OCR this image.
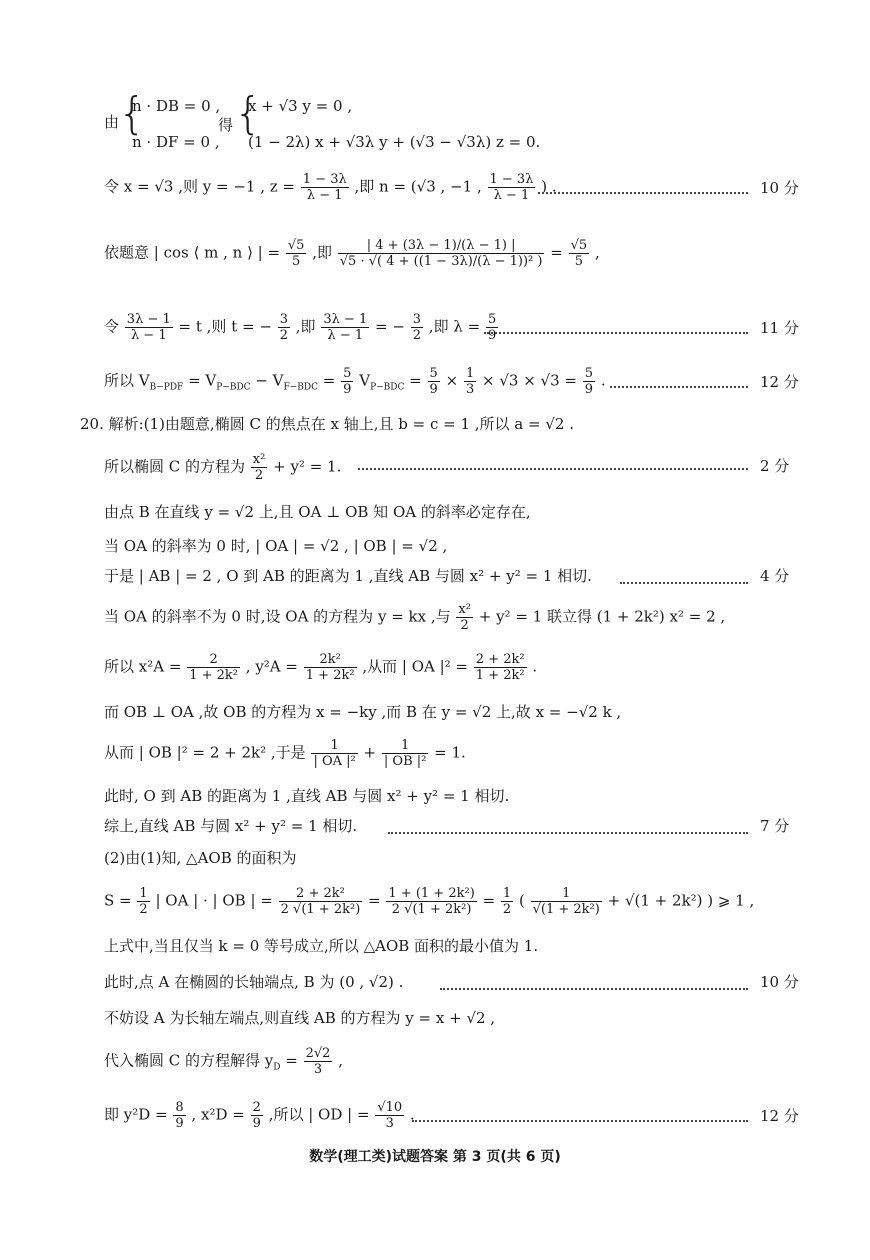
由
{
n · DB = 0 ,
n · DF = 0 ,
得 {
x + √3 y = 0 ,
(1 − 2λ) x + √3λ y + (√3 − √3λ) z = 0.
令 x = √3 ,则 y = −1 , $z = \frac{1 - 3\lambda}{\lambda - 1}$ ,即 n = (√3 , −1 , $\frac{1 - 3\lambda}{\lambda - 1}$ ) .	10 分
依题意 | cos ⟨ m , n ⟩ | = $\frac{√5}{5}$ ,即 $\frac{| 4 + (3\lambda - 1)/(\lambda - 1) |}{\text{√5 · √( 4 + ((1 − 3λ)/(λ − 1))² )}} = \frac{√5}{5}$ ,
令 $\frac{3\lambda - 1}{\lambda - 1} = t$ ,则 t = − $\frac{3}{2}$ ,即 $\frac{3\lambda - 1}{\lambda - 1}$ = − $\frac{3}{2}$ ,即 $\lambda = \frac{5}{9}$	11 分
所以 $V_{B-PDF} = V_{P-BDC} - V_{F-BDC} = \frac{5}{9} V_{P-BDC} = \frac{5}{9} \times \frac{1}{3} \times √3 \times √3 = \frac{5}{9}$ .	12 分
20. 解析:(1)由题意,椭圆 C 的焦点在 x 轴上,且 b = c = 1 ,所以 a = √2 .
所以椭圆 C 的方程为 $\frac{\text{x²}}{2} + y^2 = 1$.	2 分
由点 B 在直线 y = √2 上,且 OA ⊥ OB 知 OA 的斜率必定存在,
当 OA 的斜率为 0 时, | OA | = √2 , | OB | = √2 ,
于是 | AB | = 2 , O 到 AB 的距离为 1 ,直线 AB 与圆 x² + y² = 1 相切.	4 分
当 OA 的斜率不为 0 时,设 OA 的方程为 y = kx ,与 $\frac{\text{x²}}{2} + y^2 = 1$ 联立得 (1 + 2k²) x² = 2 ,
所以 $x^2A = \frac{2}{\text{1 + 2k²}}$ , $y^2A = \frac{\text{2k²}}{\text{1 + 2k²}}$ ,从而 | OA $|^2 = \frac{\text{2 + 2k²}}{\text{1 + 2k²}}$ .
而 OB ⊥ OA ,故 OB 的方程为 x = −ky ,而 B 在 y = √2 上,故 x = −√2 k ,
从而 | OB |² = 2 + 2k² ,于是 $\frac{1}{\text{| OA |²}} + \frac{1}{\text{| OB |²}} = 1$.
此时, O 到 AB 的距离为 1 ,直线 AB 与圆 x² + y² = 1 相切.
综上,直线 AB 与圆 x² + y² = 1 相切.	7 分
(2)由(1)知, △AOB 的面积为
$S = \frac{1}{2}$ | OA | · | OB | = $\frac{\text{2 + 2k²}}{\text{2 √(1 + 2k²)}} = \frac{\text{1 + (1 + 2k²)}}{\text{2 √(1 + 2k²)}} = \frac{1}{2}$ ( $\frac{1}{\text{√(1 + 2k²)}} + √(1 + 2k^2)$ ) ⩾ 1 ,
上式中,当且仅当 k = 0 等号成立,所以 △AOB 面积的最小值为 1.
此时,点 A 在椭圆的长轴端点, B 为 (0 , √2) .	10 分
不妨设 A 为长轴左端点,则直线 AB 的方程为 y = x + √2 ,
代入椭圆 C 的方程解得 $y_D = \frac{2√2}{3}$ ,
即 $y^2D = \frac{8}{9}$ , $x^2D = \frac{2}{9}$ ,所以 | OD | = $\frac{√10}{3}$ .	12 分
数学(理工类)试题答案 第 3 页(共 6 页)
